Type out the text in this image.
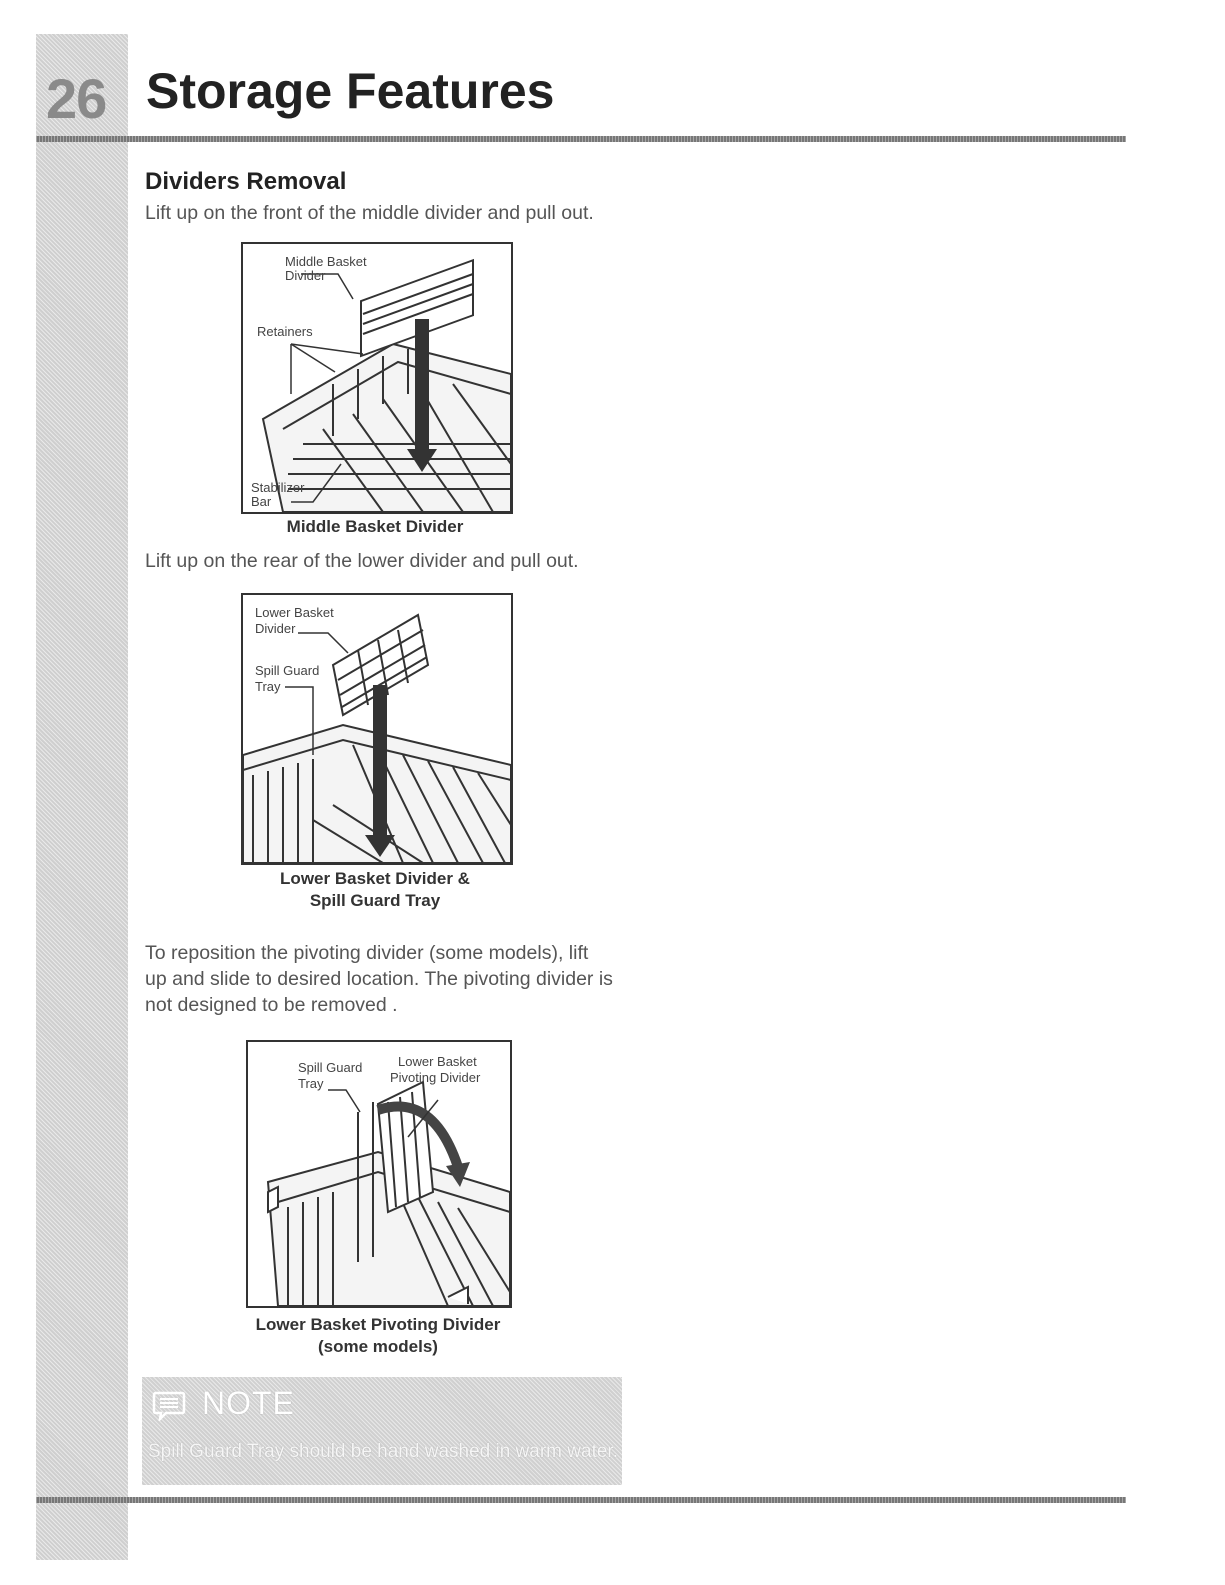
26 Storage Features
Dividers Removal

Lift up on the front of the middle divider and pull out.

Middle Basket
Divider
Retainers
Stabilizer
Bar
Middle Basket Divider

Lift up on the rear of the lower divider and pull out.

Lower Basket
Divider
Spill Guard
Tray
Lower Basket Divider &
Spill Guard Tray

To reposition the pivoting divider (some models), lift up and slide to desired location. The pivoting divider is not designed to be removed .

Spill Guard
Tray
Lower Basket
Pivoting Divider
Lower Basket Pivoting Divider
(some models)
NOTE
Spill Guard Tray should be hand washed in warm water.
